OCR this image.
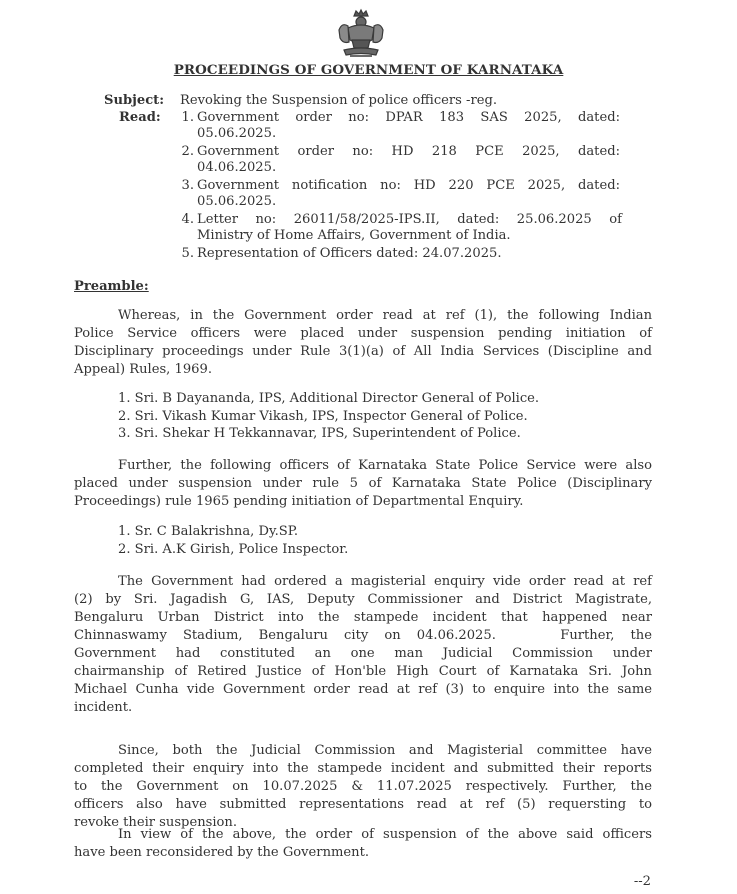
PROCEEDINGS OF GOVERNMENT OF KARNATAKA
Subject: Revoking the Suspension of police officers -reg.
Read:	1. Government order no: DPAR 183 SAS 2025, dated:
05.06.2025.
2. Government order no: HD 218 PCE 2025, dated:
04.06.2025.
3. Government notification no: HD 220 PCE 2025, dated:
05.06.2025.
4. Letter no: 26011/58/2025-IPS.II, dated: 25.06.2025 of
Ministry of Home Affairs, Government of India.
5. Representation of Officers dated: 24.07.2025.
Preamble:
Whereas, in the Government order read at ref (1), the following Indian
Police Service officers were placed under suspension pending initiation of
Disciplinary proceedings under Rule 3(1)(a) of All India Services (Discipline and
Appeal) Rules, 1969.
1. Sri. B Dayananda, IPS, Additional Director General of Police.
2. Sri. Vikash Kumar Vikash, IPS, Inspector General of Police.
3. Sri. Shekar H Tekkannavar, IPS, Superintendent of Police.
Further, the following officers of Karnataka State Police Service were also
placed under suspension under rule 5 of Karnataka State Police (Disciplinary
Proceedings) rule 1965 pending initiation of Departmental Enquiry.
1. Sr. C Balakrishna, Dy.SP.
2. Sri. A.K Girish, Police Inspector.
The Government had ordered a magisterial enquiry vide order read at ref
(2) by Sri. Jagadish G, IAS, Deputy Commissioner and District Magistrate,
Bengaluru Urban District into the stampede incident that happened near
Chinnaswamy Stadium, Bengaluru city on 04.06.2025.    Further, the
Government had constituted an one man Judicial Commission under
chairmanship of Retired Justice of Hon'ble High Court of Karnataka Sri. John
Michael Cunha vide Government order read at ref (3) to enquire into the same
incident.
Since, both the Judicial Commission and Magisterial committee have
completed their enquiry into the stampede incident and submitted their reports
to the Government on 10.07.2025 & 11.07.2025 respectively. Further, the
officers also have submitted representations read at ref (5) requersting to
revoke their suspension.
In view of the above, the order of suspension of the above said officers
have been reconsidered by the Government.
--2
